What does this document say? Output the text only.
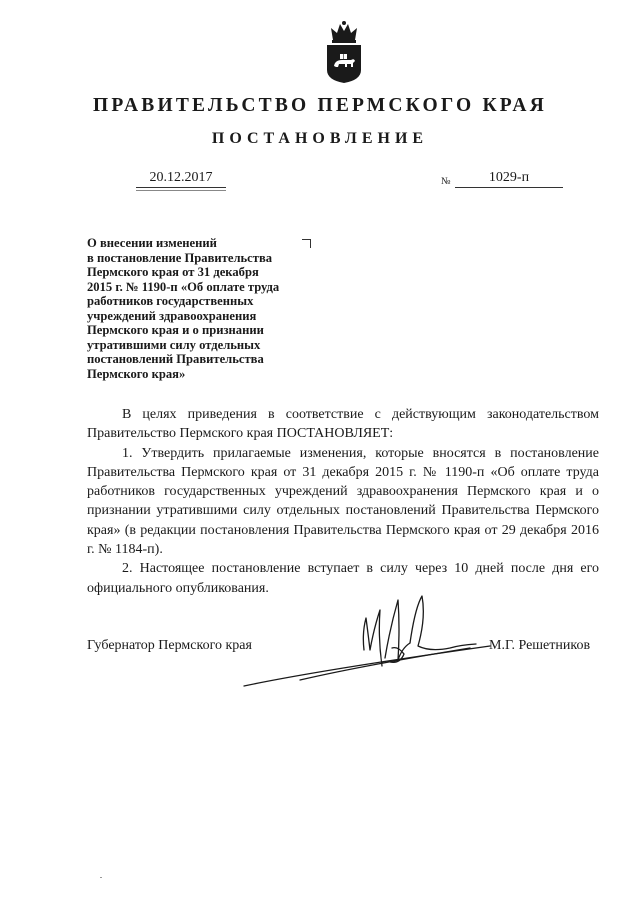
ПРАВИТЕЛЬСТВО ПЕРМСКОГО КРАЯ
ПОСТАНОВЛЕНИЕ
20.12.2017	№	1029-п
О внесении изменений
в постановление Правительства
Пермского края от 31 декабря
2015 г. № 1190-п «Об оплате труда
работников государственных
учреждений здравоохранения
Пермского края и о признании
утратившими силу отдельных
постановлений Правительства
Пермского края»

В целях приведения в соответствие с действующим законодательством Правительство Пермского края ПОСТАНОВЛЯЕТ:

1. Утвердить прилагаемые изменения, которые вносятся в постановление Правительства Пермского края от 31 декабря 2015 г. № 1190-п «Об оплате труда работников государственных учреждений здравоохранения Пермского края и о признании утратившими силу отдельных постановлений Правительства Пермского края» (в редакции постановления Правительства Пермского края от 29 декабря 2016 г. № 1184-п).

2. Настоящее постановление вступает в силу через 10 дней после дня его официального опубликования.

Губернатор Пермского края	М.Г. Решетников
